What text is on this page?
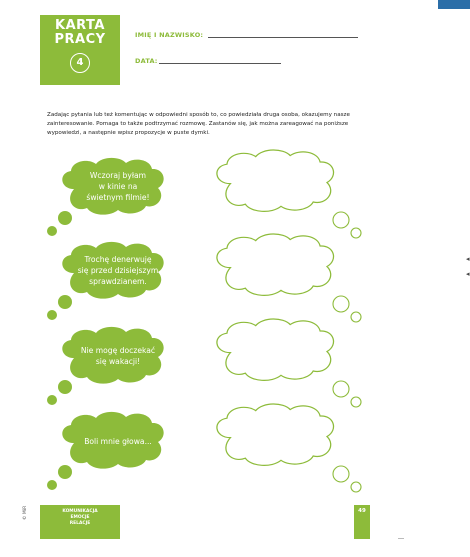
KARTA
PRACY
4
IMIĘ I NAZWISKO:
DATA:
Zadając pytania lub też komentując w odpowiedni sposób to, co powiedziała druga osoba, okazujemy nasze zainteresowanie. Pomaga to także podtrzymać rozmowę. Zastanów się, jak można zareagować na poniższe wypowiedzi, a następnie wpisz propozycje w puste dymki.
Wczoraj byłam
w kinie na
świetnym filmie!
Trochę denerwuję
się przed dzisiejszym
sprawdzianem.
Nie mogę doczekać
się wakacji!
Boli mnie głowa...
KOMUNIKACJA
EMOCJE
RELACJE
49
© MiR
◂
◂
